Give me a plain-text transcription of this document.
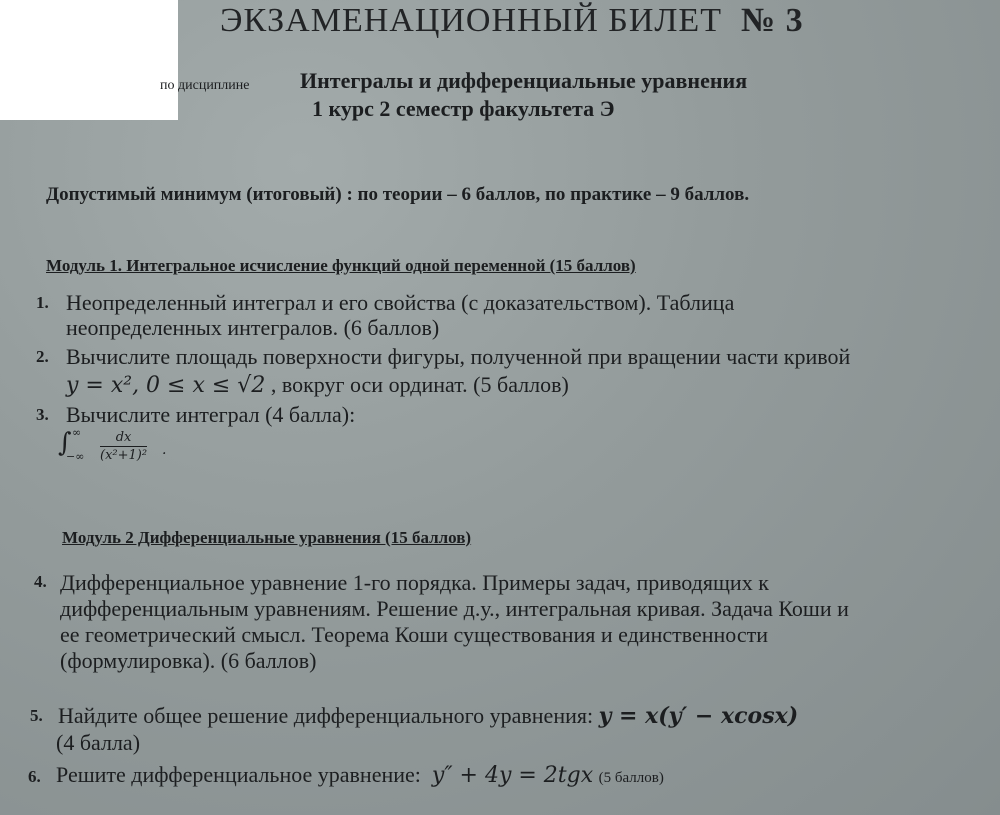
ЭКЗАМЕНАЦИОННЫЙ БИЛЕТ № 3
по дисциплине Интегралы и дифференциальные уравнения
1 курс 2 семестр факультета Э
Допустимый минимум (итоговый) : по теории – 6 баллов, по практике – 9 баллов.
Модуль 1. Интегральное исчисление функций одной переменной (15 баллов)
1. Неопределенный интеграл и его свойства (с доказательством). Таблица
неопределенных интегралов. (6 баллов)
2. Вычислите площадь поверхности фигуры, полученной при вращении части кривой
y = x², 0 ≤ x ≤ √2 , вокруг оси ординат. (5 баллов)
3. Вычислите интеграл (4 балла):
∫ ∞
−∞
dx
(x²+1)² .
Модуль 2 Дифференциальные уравнения (15 баллов)
4. Дифференциальное уравнение 1-го порядка. Примеры задач, приводящих к
дифференциальным уравнениям. Решение д.у., интегральная кривая. Задача Коши и
ее геометрический смысл. Теорема Коши существования и единственности
(формулировка). (6 баллов)
5. Найдите общее решение дифференциального уравнения: y = x(y′ − xcosx)
(4 балла)
6. Решите дифференциальное уравнение: y″ + 4y = 2tgx (5 баллов)
